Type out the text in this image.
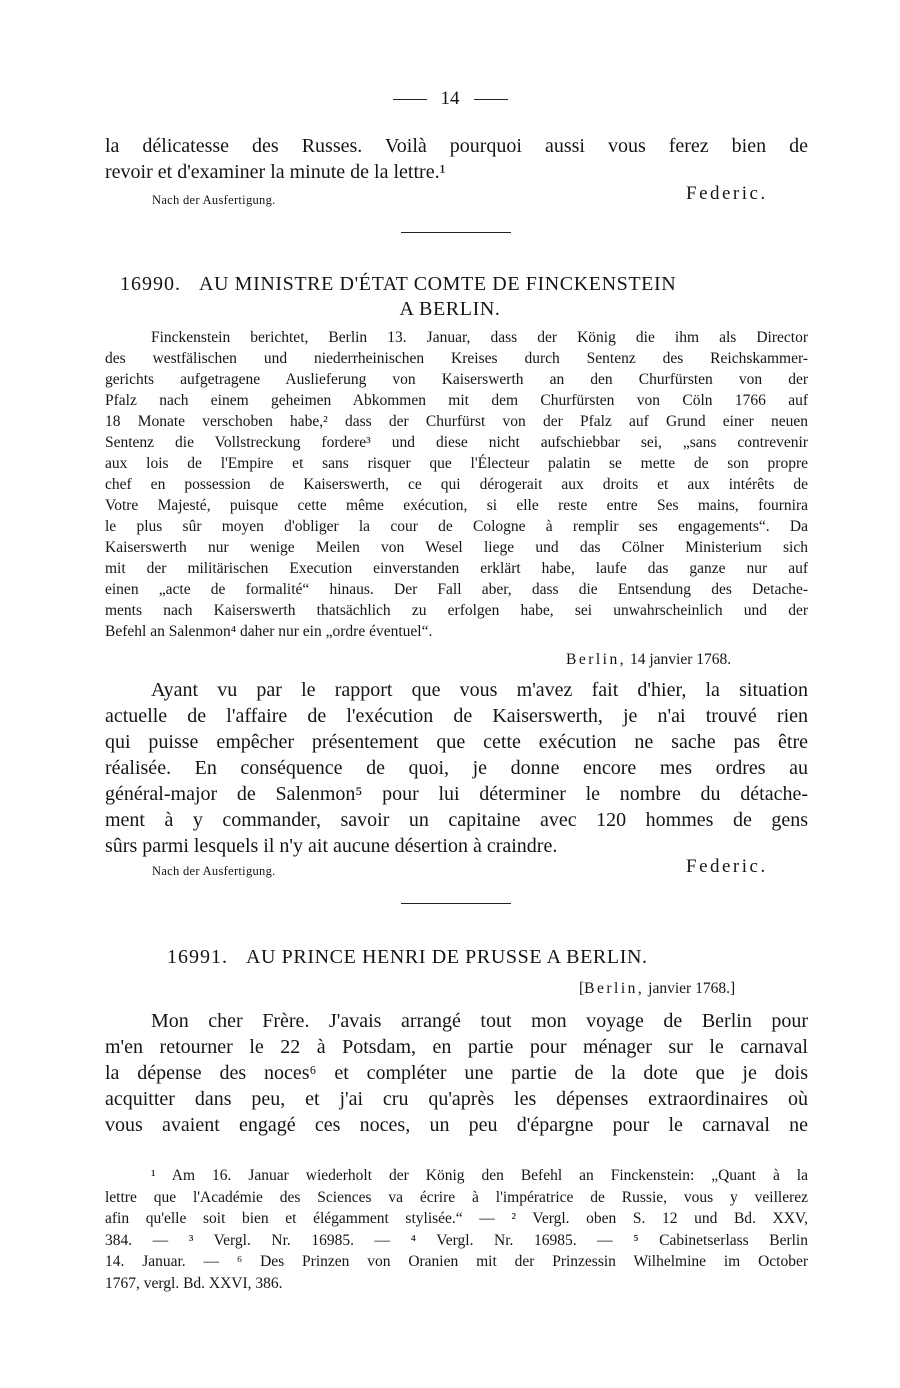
14
la délicatesse des Russes. Voilà pourquoi aussi vous ferez bien de
revoir et d'examiner la minute de la lettre.¹
Nach der Ausfertigung.	Federic.
16990. AU MINISTRE D'ÉTAT COMTE DE FINCKENSTEIN
A BERLIN.
Finckenstein berichtet, Berlin 13. Januar, dass der König die ihm als Director
des westfälischen und niederrheinischen Kreises durch Sentenz des Reichskammer-
gerichts aufgetragene Auslieferung von Kaiserswerth an den Churfürsten von der
Pfalz nach einem geheimen Abkommen mit dem Churfürsten von Cöln 1766 auf
18 Monate verschoben habe,² dass der Churfürst von der Pfalz auf Grund einer neuen
Sentenz die Vollstreckung fordere³ und diese nicht aufschiebbar sei, „sans contrevenir
aux lois de l'Empire et sans risquer que l'Électeur palatin se mette de son propre
chef en possession de Kaiserswerth, ce qui dérogerait aux droits et aux intérêts de
Votre Majesté, puisque cette même exécution, si elle reste entre Ses mains, fournira
le plus sûr moyen d'obliger la cour de Cologne à remplir ses engagements“. Da
Kaiserswerth nur wenige Meilen von Wesel liege und das Cölner Ministerium sich
mit der militärischen Execution einverstanden erklärt habe, laufe das ganze nur auf
einen „acte de formalité“ hinaus. Der Fall aber, dass die Entsendung des Detache-
ments nach Kaiserswerth thatsächlich zu erfolgen habe, sei unwahrscheinlich und der
Befehl an Salenmon⁴ daher nur ein „ordre éventuel“.
Berlin, 14 janvier 1768.
Ayant vu par le rapport que vous m'avez fait d'hier, la situation
actuelle de l'affaire de l'exécution de Kaiserswerth, je n'ai trouvé rien
qui puisse empêcher présentement que cette exécution ne sache pas être
réalisée. En conséquence de quoi, je donne encore mes ordres au
général-major de Salenmon⁵ pour lui déterminer le nombre du détache-
ment à y commander, savoir un capitaine avec 120 hommes de gens
sûrs parmi lesquels il n'y ait aucune désertion à craindre.
Nach der Ausfertigung.	Federic.
16991. AU PRINCE HENRI DE PRUSSE A BERLIN.
[Berlin, janvier 1768.]
Mon cher Frère. J'avais arrangé tout mon voyage de Berlin pour
m'en retourner le 22 à Potsdam, en partie pour ménager sur le carnaval
la dépense des noces⁶ et compléter une partie de la dote que je dois
acquitter dans peu, et j'ai cru qu'après les dépenses extraordinaires où
vous avaient engagé ces noces, un peu d'épargne pour le carnaval ne
¹ Am 16. Januar wiederholt der König den Befehl an Finckenstein: „Quant à la
lettre que l'Académie des Sciences va écrire à l'impératrice de Russie, vous y veillerez
afin qu'elle soit bien et élégamment stylisée.“ — ² Vergl. oben S. 12 und Bd. XXV,
384. — ³ Vergl. Nr. 16985. — ⁴ Vergl. Nr. 16985. — ⁵ Cabinetserlass Berlin
14. Januar. — ⁶ Des Prinzen von Oranien mit der Prinzessin Wilhelmine im October
1767, vergl. Bd. XXVI, 386.
